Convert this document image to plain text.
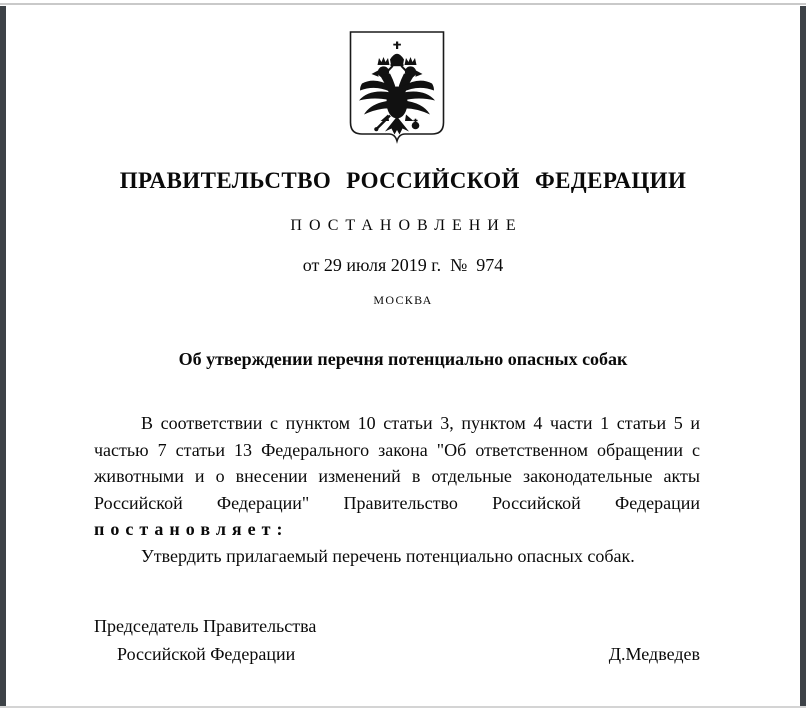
ПРАВИТЕЛЬСТВО РОССИЙСКОЙ ФЕДЕРАЦИИ
ПОСТАНОВЛЕНИЕ
от 29 июля 2019 г.  №  974
МОСКВА
Об утверждении перечня потенциально опасных собак

В соответствии с пунктом 10 статьи 3, пунктом 4 части 1 статьи 5 и частью 7 статьи 13 Федерального закона "Об ответственном обращении с животными и о внесении изменений в отдельные законодательные акты Российской Федерации" Правительство Российской Федерации постановляет:

Утвердить прилагаемый перечень потенциально опасных собак.

Председатель Правительства
Российской Федерации	Д.Медведев
